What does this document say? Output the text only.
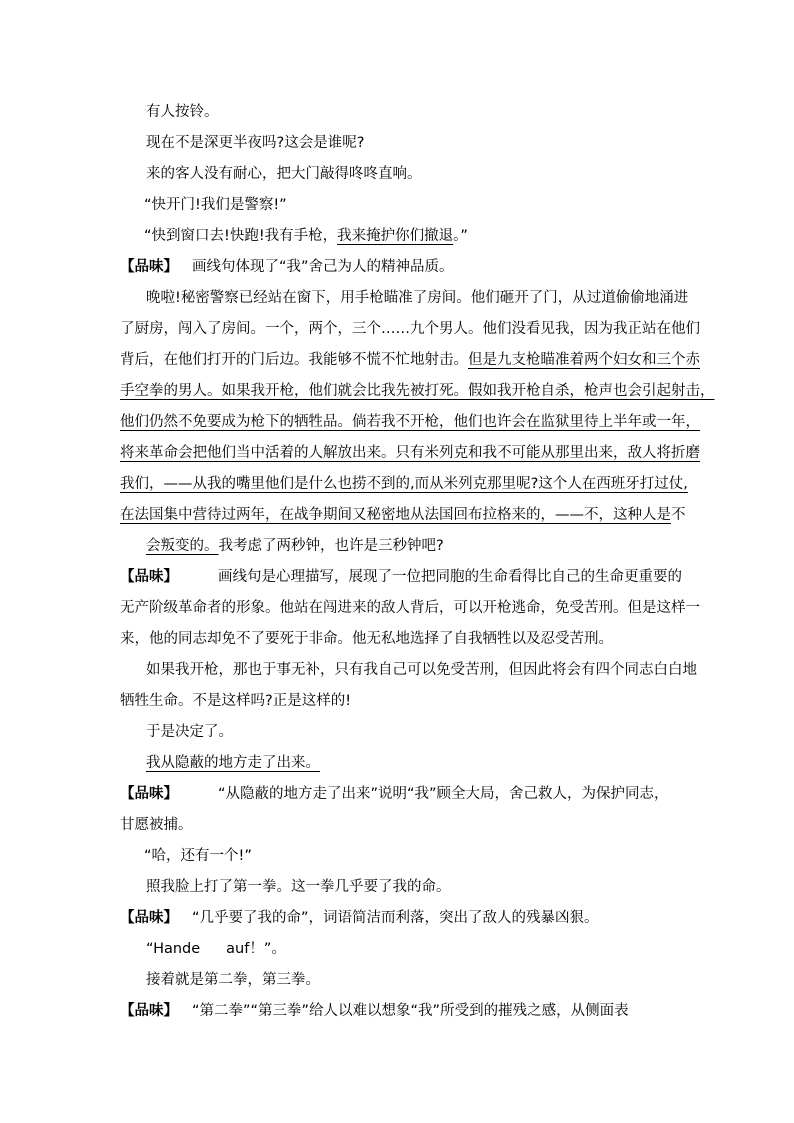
有人按铃。

现在不是深更半夜吗?这会是谁呢?

来的客人没有耐心，把大门敲得咚咚直响。

“快开门!我们是警察!”

“快到窗口去!快跑!我有手枪，我来掩护你们撤退。”

【品味】 画线句体现了“我”舍己为人的精神品质。

晚啦!秘密警察已经站在窗下，用手枪瞄准了房间。他们砸开了门，从过道偷偷地涌进
了厨房，闯入了房间。一个，两个，三个……九个男人。他们没看见我，因为我正站在他们
背后，在他们打开的门后边。我能够不慌不忙地射击。但是九支枪瞄准着两个妇女和三个赤
手空拳的男人。如果我开枪，他们就会比我先被打死。假如我开枪自杀，枪声也会引起射击，
他们仍然不免要成为枪下的牺牲品。倘若我不开枪，他们也许会在监狱里待上半年或一年，
将来革命会把他们当中活着的人解放出来。只有米列克和我不可能从那里出来，敌人将折磨
我们，——从我的嘴里他们是什么也捞不到的,而从米列克那里呢?这个人在西班牙打过仗,
在法国集中营待过两年，在战争期间又秘密地从法国回布拉格来的，——不，这种人是不
会叛变的。我考虑了两秒钟，也许是三秒钟吧?
【品味】	画线句是心理描写，展现了一位把同胞的生命看得比自己的生命更重要的
无产阶级革命者的形象。他站在闯进来的敌人背后，可以开枪逃命，免受苦刑。但是这样一
来，他的同志却免不了要死于非命。他无私地选择了自我牺牲以及忍受苦刑。
如果我开枪，那也于事无补，只有我自己可以免受苦刑，但因此将会有四个同志白白地
牺牲生命。不是这样吗?正是这样的!

于是决定了。

我从隐蔽的地方走了出来。

【品味】	“从隐蔽的地方走了出来”说明“我”顾全大局，舍己救人，为保护同志，
甘愿被捕。

“哈，还有一个!”

照我脸上打了第一拳。这一拳几乎要了我的命。

【品味】 “几乎要了我的命”，词语简洁而利落，突出了敌人的残暴凶狠。

“Hande auf！”。

接着就是第二拳，第三拳。

【品味】 “第二拳”“第三拳”给人以难以想象“我”所受到的摧残之感，从侧面表
